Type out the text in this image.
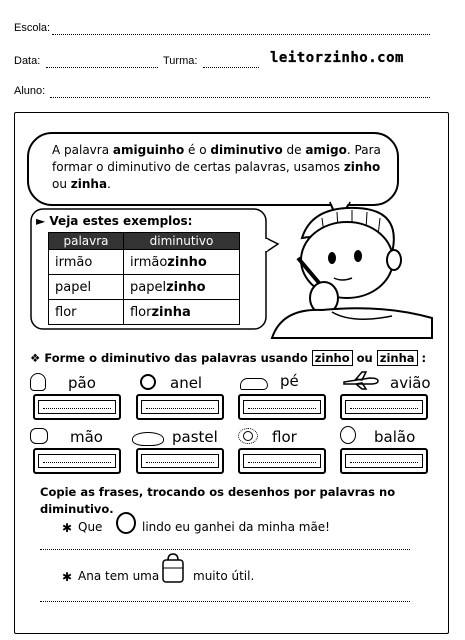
Escola:
Data:	Turma:	leitorzinho.com
Aluno:
A palavra amiguinho é o diminutivo de amigo. Para formar o diminutivo de certas palavras, usamos zinho ou zinha.
► Veja estes exemplos:
palavra	diminutivo
irmão	irmãozinho
papel	papelzinho
flor	florzinha
❖ Forme o diminutivo das palavras usando zinho ou zinha :
pão	anel	pé	avião
mão	pastel	flor	balão
Copie as frases, trocando os desenhos por palavras no diminutivo.
✱ Que	lindo eu ganhei da minha mãe!
✱ Ana tem uma	muito útil.
